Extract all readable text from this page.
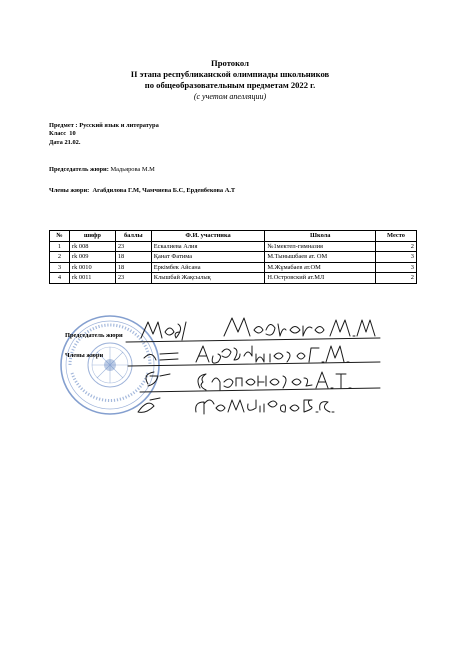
Протокол
II этапа республиканской олимпиады школьников
по общеобразовательным предметам 2022 г.
(с учетом апелляции)
Предмет : Русский язык и литература
Класс 10
Дата 21.02.
Председатель жюри: Мадьярова М.М
Члены жюри: Агабдилова Г.М, Чамчиева Б.С, Ерденбекова А.Т
№	шифр	баллы	Ф.И. участника	Школа	Место
1	rk 008	23	Ескалиева Алия	№1мектеп-гимназия	2
2	rk 009	18	Қанат Фатима	М.Тынышбаев ат. ОМ	3
3	rk 0010	18	Еркімбек Айсана	М.Жұмабаев ат.ОМ	3
4	rk 0011	23	Клышбай Жақсылық	Н.Островский ат.МЛ	2
Председатель жюри
Члены жюри
